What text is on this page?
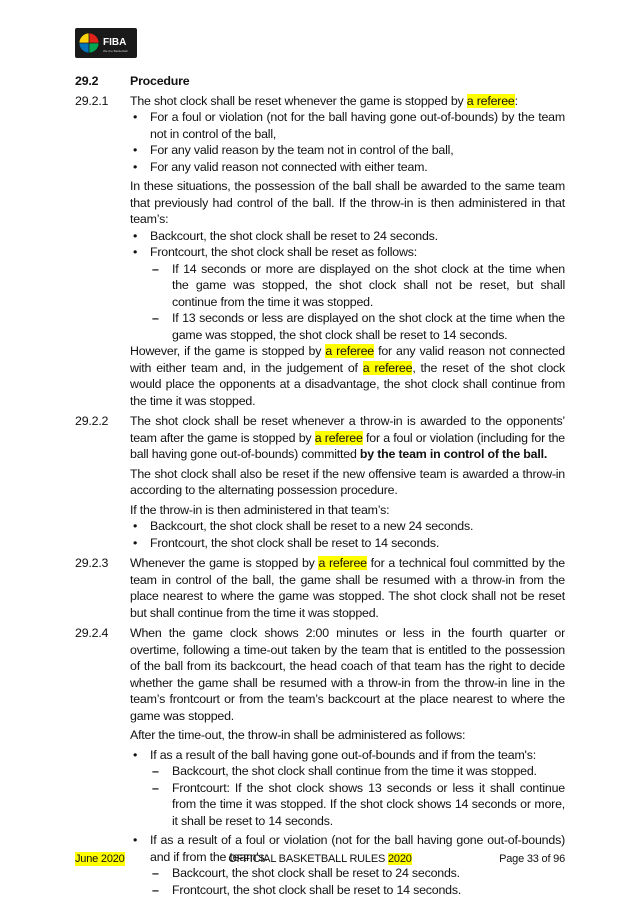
FIBA
We Are Basketball
29.2	Procedure
29.2.1	The shot clock shall be reset whenever the game is stopped by a referee:

• For a foul or violation (not for the ball having gone out-of-bounds) by the team not in control of the ball,
• For any valid reason by the team not in control of the ball,
• For any valid reason not connected with either team.

In these situations, the possession of the ball shall be awarded to the same team that previously had control of the ball. If the throw-in is then administered in that team’s:

• Backcourt, the shot clock shall be reset to 24 seconds.
• Frontcourt, the shot clock shall be reset as follows:
– If 14 seconds or more are displayed on the shot clock at the time when the game was stopped, the shot clock shall not be reset, but shall continue from the time it was stopped.
– If 13 seconds or less are displayed on the shot clock at the time when the game was stopped, the shot clock shall be reset to 14 seconds.

However, if the game is stopped by a referee for any valid reason not connected with either team and, in the judgement of a referee, the reset of the shot clock would place the opponents at a disadvantage, the shot clock shall continue from the time it was stopped.

29.2.2	The shot clock shall be reset whenever a throw-in is awarded to the opponents’ team after the game is stopped by a referee for a foul or violation (including for the ball having gone out-of-bounds) committed by the team in control of the ball.

The shot clock shall also be reset if the new offensive team is awarded a throw-in according to the alternating possession procedure.

If the throw-in is then administered in that team’s:

• Backcourt, the shot clock shall be reset to a new 24 seconds.
• Frontcourt, the shot clock shall be reset to 14 seconds.
29.2.3	Whenever the game is stopped by a referee for a technical foul committed by the team in control of the ball, the game shall be resumed with a throw-in from the place nearest to where the game was stopped. The shot clock shall not be reset but shall continue from the time it was stopped.

29.2.4	When the game clock shows 2:00 minutes or less in the fourth quarter or overtime, following a time-out taken by the team that is entitled to the possession of the ball from its backcourt, the head coach of that team has the right to decide whether the game shall be resumed with a throw-in from the throw-in line in the team’s frontcourt or from the team’s backcourt at the place nearest to where the game was stopped.

After the time-out, the throw-in shall be administered as follows:

• If as a result of the ball having gone out-of-bounds and if from the team's:
– Backcourt, the shot clock shall continue from the time it was stopped.
– Frontcourt: If the shot clock shows 13 seconds or less it shall continue from the time it was stopped. If the shot clock shows 14 seconds or more, it shall be reset to 14 seconds.
• If as a result of a foul or violation (not for the ball having gone out-of-bounds) and if from the team's:
– Backcourt, the shot clock shall be reset to 24 seconds.
– Frontcourt, the shot clock shall be reset to 14 seconds.
June 2020	OFFICIAL BASKETBALL RULES 2020	Page 33 of 96
